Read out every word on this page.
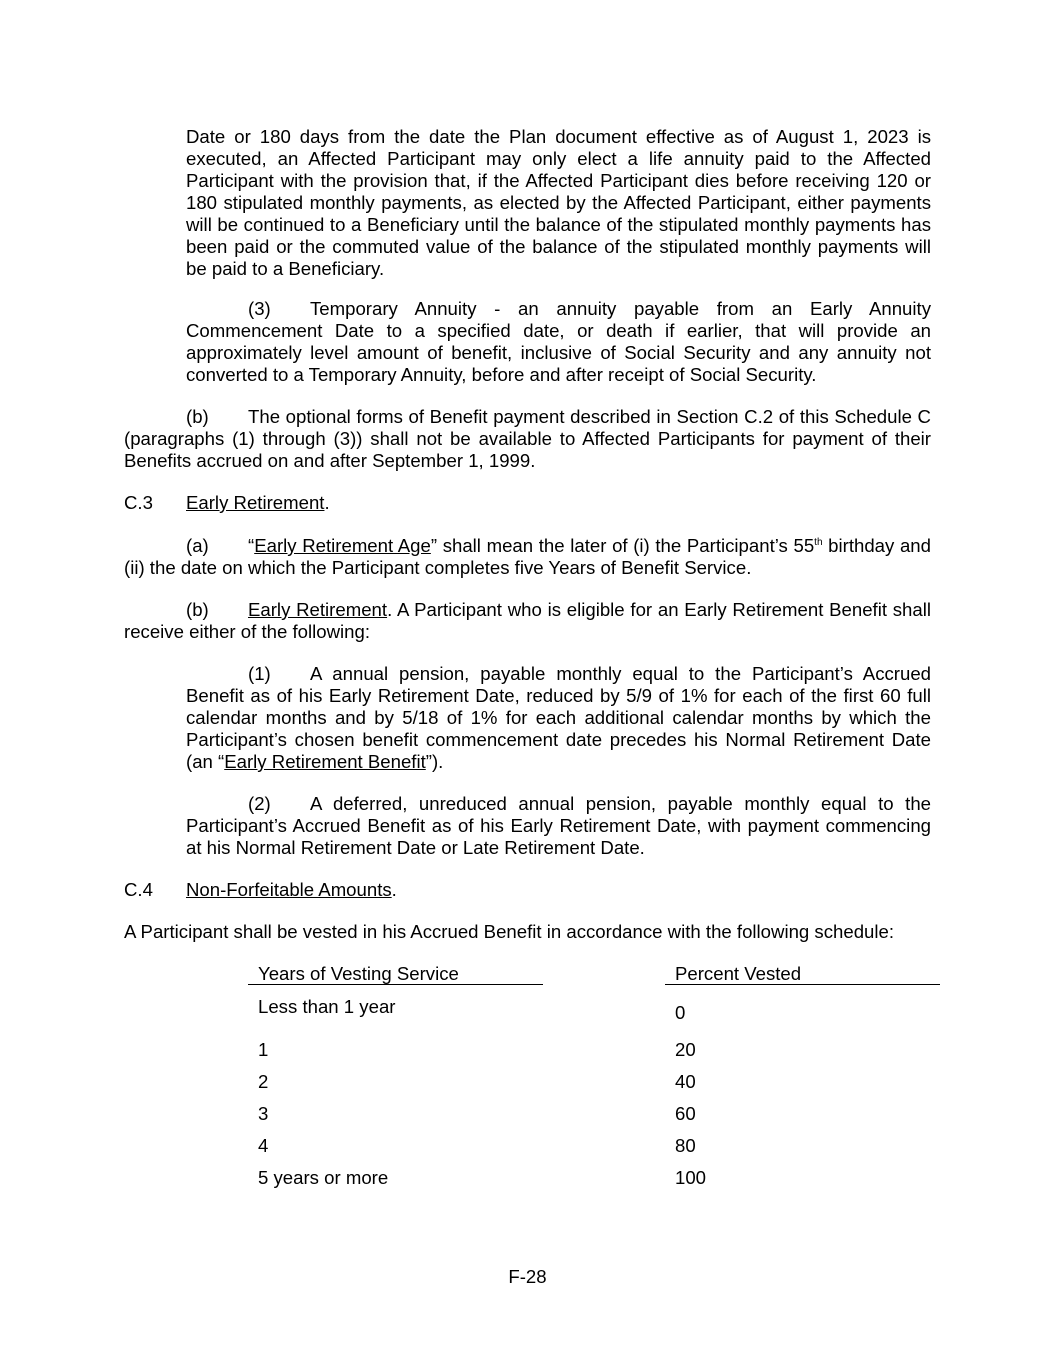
Date or 180 days from the date the Plan document effective as of August 1, 2023 is executed, an Affected Participant may only elect a life annuity paid to the Affected Participant with the provision that, if the Affected Participant dies before receiving 120 or 180 stipulated monthly payments, as elected by the Affected Participant, either payments will be continued to a Beneficiary until the balance of the stipulated monthly payments has been paid or the commuted value of the balance of the stipulated monthly payments will be paid to a Beneficiary.

(3) Temporary Annuity - an annuity payable from an Early Annuity Commencement Date to a specified date, or death if earlier, that will provide an approximately level amount of benefit, inclusive of Social Security and any annuity not converted to a Temporary Annuity, before and after receipt of Social Security.

(b) The optional forms of Benefit payment described in Section C.2 of this Schedule C (paragraphs (1) through (3)) shall not be available to Affected Participants for payment of their Benefits accrued on and after September 1, 1999.

C.3 Early Retirement.

(a) “Early Retirement Age” shall mean the later of (i) the Participant’s 55th birthday and (ii) the date on which the Participant completes five Years of Benefit Service.

(b) Early Retirement. A Participant who is eligible for an Early Retirement Benefit shall receive either of the following:

(1) A annual pension, payable monthly equal to the Participant’s Accrued Benefit as of his Early Retirement Date, reduced by 5/9 of 1% for each of the first 60 full calendar months and by 5/18 of 1% for each additional calendar months by which the Participant’s chosen benefit commencement date precedes his Normal Retirement Date (an “Early Retirement Benefit”).

(2) A deferred, unreduced annual pension, payable monthly equal to the Participant’s Accrued Benefit as of his Early Retirement Date, with payment commencing at his Normal Retirement Date or Late Retirement Date.

C.4 Non-Forfeitable Amounts.

A Participant shall be vested in his Accrued Benefit in accordance with the following schedule:

Years of Vesting Service	Percent Vested
Less than 1 year	0
1	20
2	40
3	60
4	80
5 years or more	100
F-28
